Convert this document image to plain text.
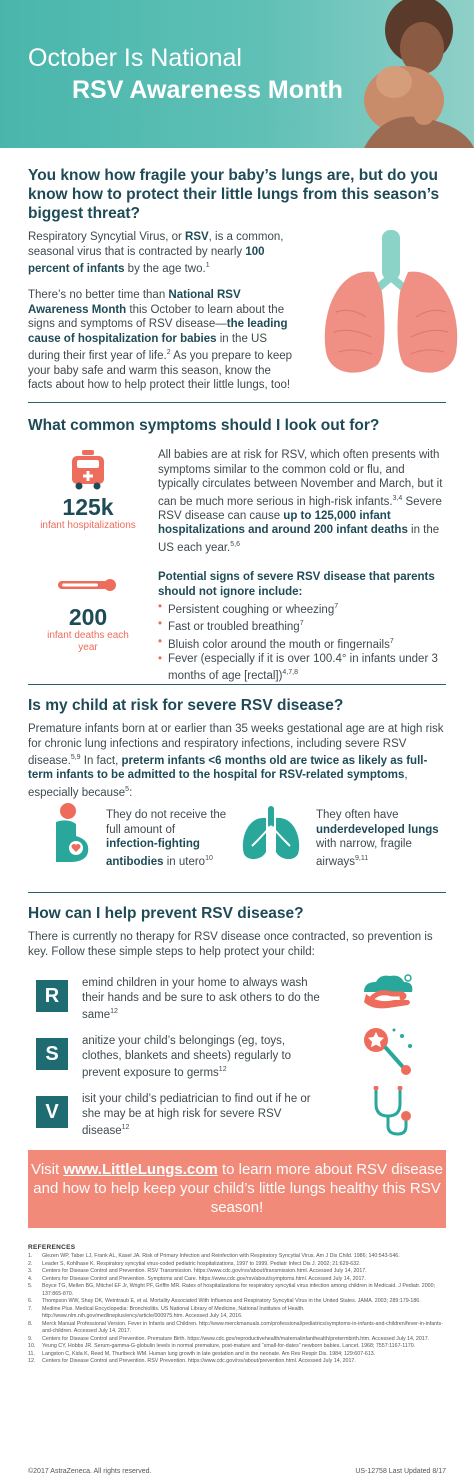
October Is National
RSV Awareness Month
You know how fragile your baby’s lungs are, but do you know how to protect their little lungs from this season’s biggest threat?

Respiratory Syncytial Virus, or RSV, is a common, seasonal virus that is contracted by nearly 100 percent of infants by the age two.$^1$

There’s no better time than National RSV Awareness Month this October to learn about the signs and symptoms of RSV disease—the leading cause of hospitalization for babies in the US during their first year of life.$^2$ As you prepare to keep your baby safe and warm this season, know the facts about how to help protect their little lungs, too!

What common symptoms should I look out for?
125k
infant hospitalizations
200
infant deaths each year

All babies are at risk for RSV, which often presents with symptoms similar to the common cold or flu, and typically circulates between November and March, but it can be much more serious in high-risk infants.$^{3,4}$ Severe RSV disease can cause up to 125,000 infant hospitalizations and around 200 infant deaths in the US each year.$^{5,6}$

Potential signs of severe RSV disease that parents should not ignore include:

• Persistent coughing or wheezing$^7$
• Fast or troubled breathing$^7$
• Bluish color around the mouth or fingernails$^7$
• Fever (especially if it is over 100.4° in infants under 3 months of age [rectal])$^{4,7,8}$
Is my child at risk for severe RSV disease?

Premature infants born at or earlier than 35 weeks gestational age are at high risk for chronic lung infections and respiratory infections, including severe RSV disease.$^{5,9}$ In fact, preterm infants <6 months old are twice as likely as full-term infants to be admitted to the hospital for RSV-related symptoms, especially because$^5$:

They do not receive the full amount of infection-fighting antibodies in utero$^{10}$

They often have underdeveloped lungs with narrow, fragile airways$^{9,11}$

How can I help prevent RSV disease?

There is currently no therapy for RSV disease once contracted, so prevention is key. Follow these simple steps to help protect your child:

R

emind children in your home to always wash their hands and be sure to ask others to do the same$^{12}$

S

anitize your child’s belongings (eg, toys, clothes, blankets and sheets) regularly to prevent exposure to germs$^{12}$

V

isit your child’s pediatrician to find out if he or she may be at high risk for severe RSV disease$^{12}$

Visit www.LittleLungs.com to learn more about RSV disease and how to help keep your child’s little lungs healthy this RSV season!
REFERENCES
1. Glezen WP, Taber LJ, Frank AL, Kasel JA. Risk of Primary Infection and Reinfection with Respiratory Syncytial Virus. Am J Dis Child. 1986; 140:543-546.
2. Leader S, Kohlhase K. Respiratory syncytial virus-coded pediatric hospitalizations, 1997 to 1999. Pediatr Infect Dis J. 2002; 21:629-632.
3. Centers for Disease Control and Prevention. RSV Transmission. https://www.cdc.gov/rsv/about/transmission.html. Accessed July 14, 2017.
4. Centers for Disease Control and Prevention. Symptoms and Care. https://www.cdc.gov/rsv/about/symptoms.html. Accessed July 14, 2017.
5. Boyce TG, Mellen BG, Mitchel EF Jr, Wright PF, Griffin MR. Rates of hospitalizations for respiratory syncytial virus infection among children in Medicaid. J Pediatr. 2000; 137:865-870.
6. Thompson WW, Shay DK, Weintraub E, et al. Mortality Associated With Influenza and Respiratory Syncytial Virus in the United States. JAMA. 2003; 289:179-186.
7. Medline Plus. Medical Encyclopedia: Bronchiolitis. US National Library of Medicine, National Institutes of Health. http://www.nlm.nih.gov/medlineplus/ency/article/000975.htm. Accessed July 14, 2016.
8. Merck Manual Professional Version. Fever in Infants and Children. http://www.merckmanuals.com/professional/pediatrics/symptoms-in-infants-and-children/fever-in-infants-and-children. Accessed July 14, 2017.
9. Centers for Disease Control and Prevention. Premature Birth. https://www.cdc.gov/reproductivehealth/maternalinfanthealth/pretermbirth.htm. Accessed July 14, 2017.
10. Yeung CY, Hobbs JR. Serum-gamma-G-globulin levels in normal premature, post-mature and “small-for-dates” newborn babies. Lancet. 1968; 7557:1167-1170.
11. Langston C, Kida K, Reed M, Thurlbeck WM. Human lung growth in late gestation and in the neonate. Am Rev Respir Dis. 1984; 129:607-613.
12. Centers for Disease Control and Prevention. RSV Prevention. https://www.cdc.gov/rsv/about/prevention.html. Accessed July 14, 2017.
©2017 AstraZeneca. All rights reserved.	US-12758 Last Updated 8/17
